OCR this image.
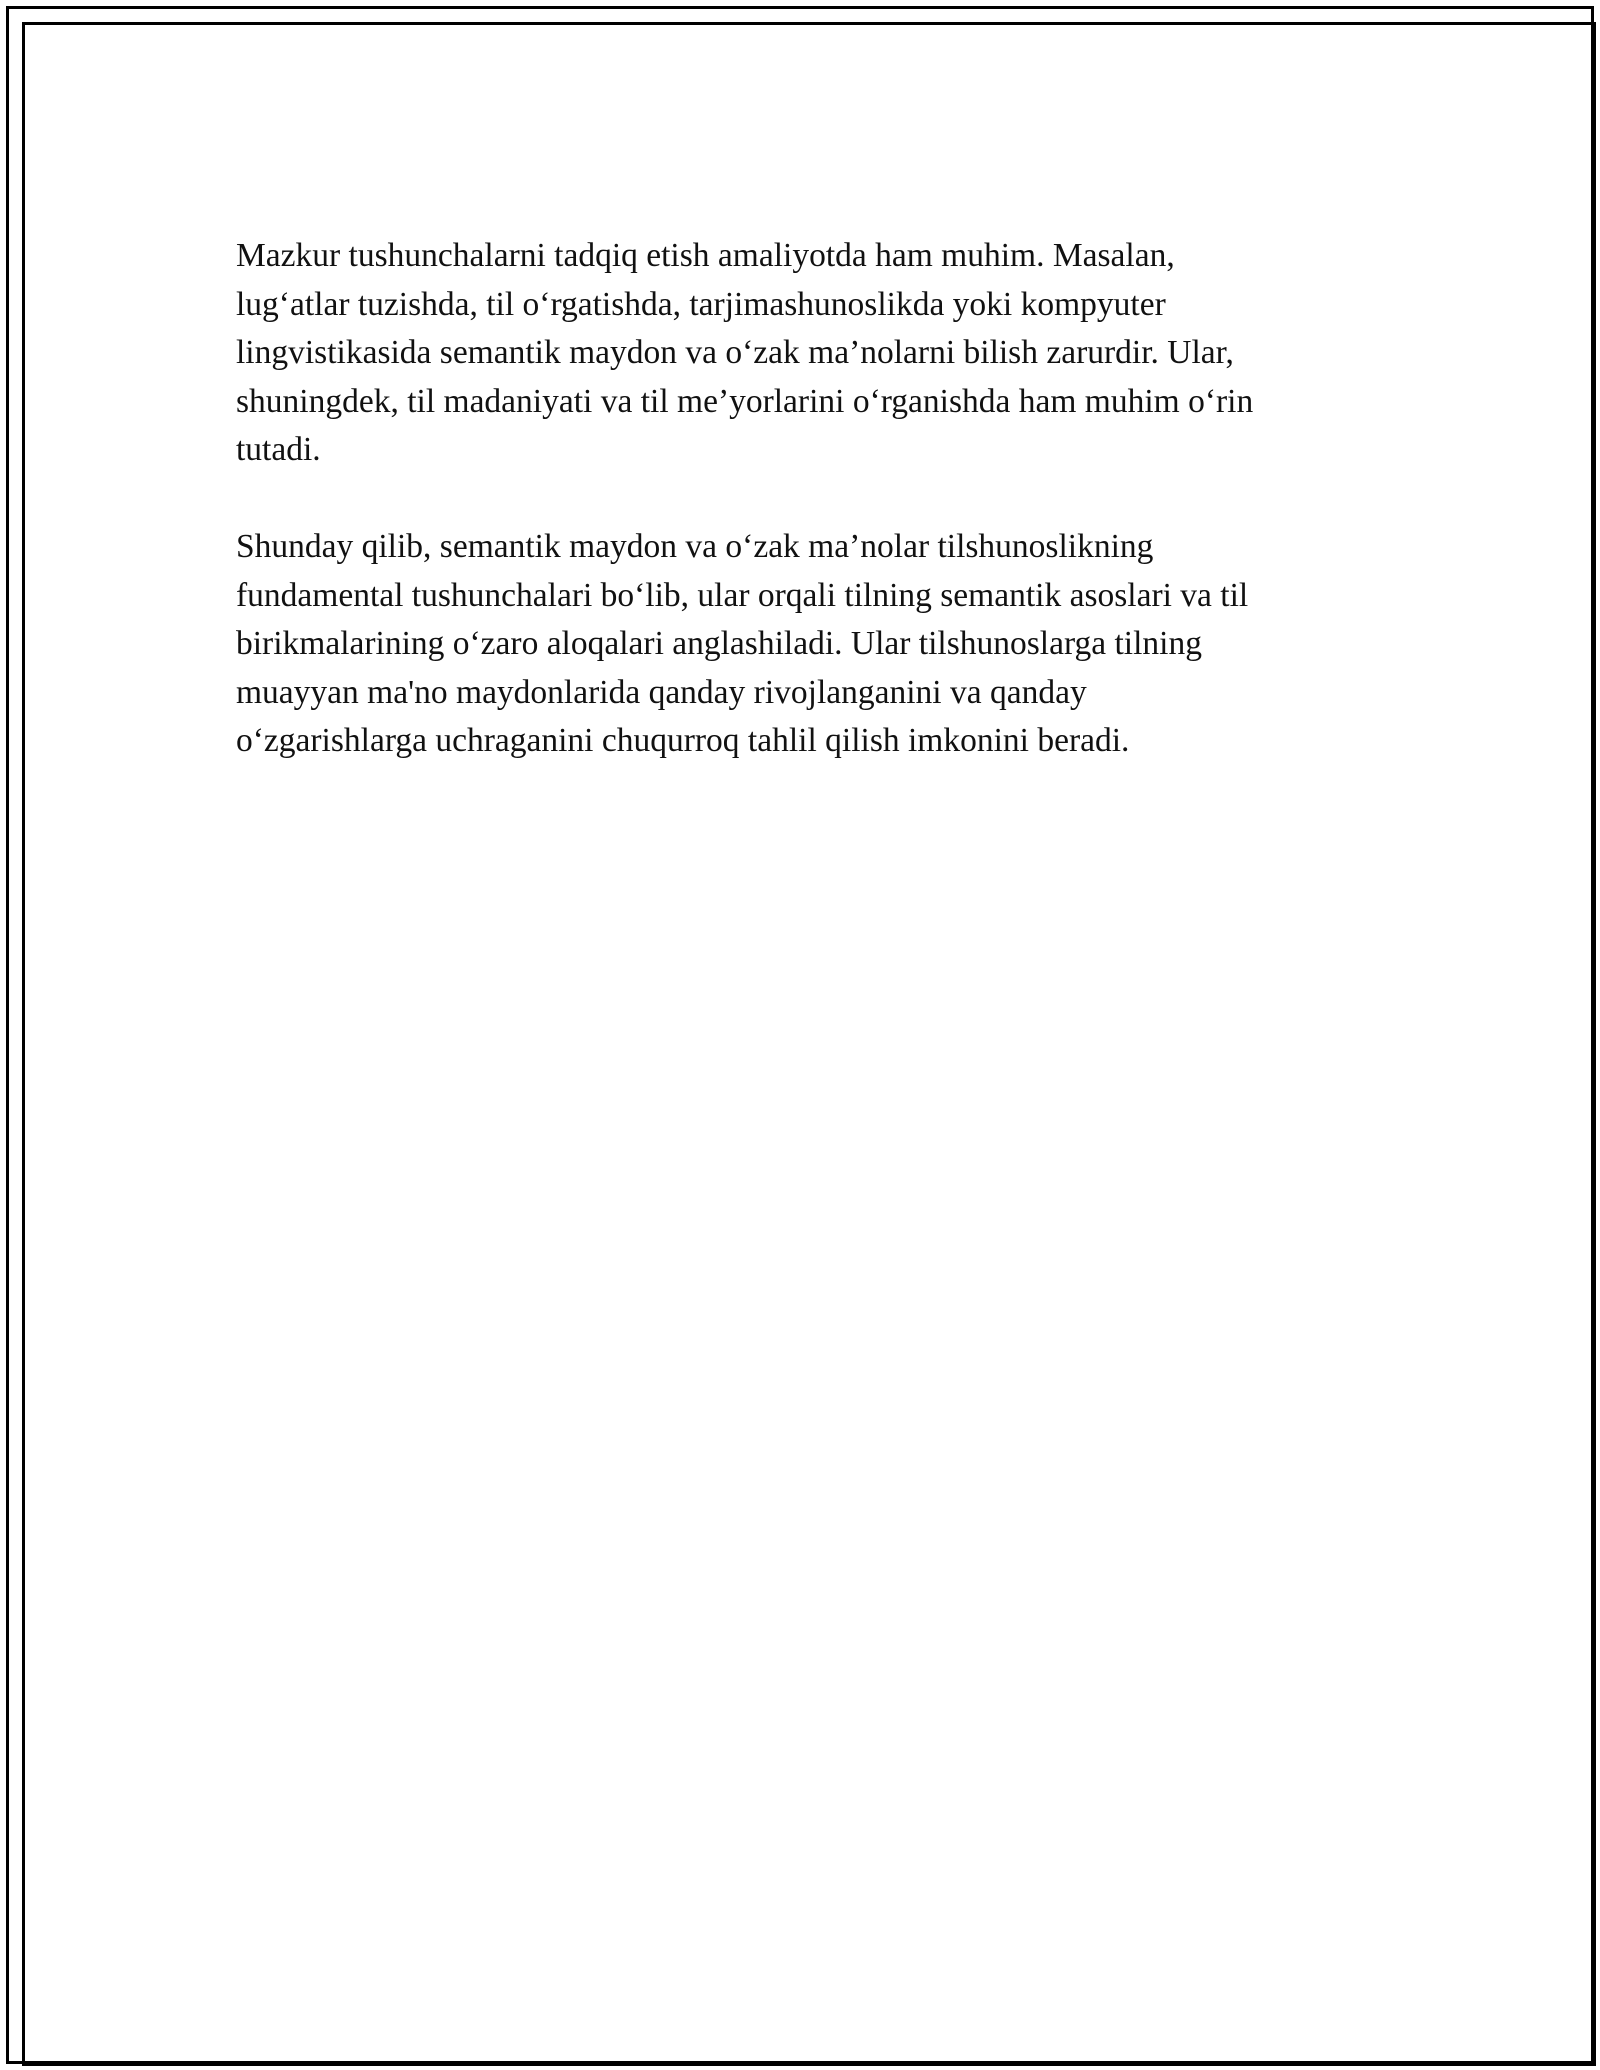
Mazkur tushunchalarni tadqiq etish amaliyotda ham muhim. Masalan,
lug‘atlar tuzishda, til o‘rgatishda, tarjimashunoslikda yoki kompyuter
lingvistikasida semantik maydon va o‘zak ma’nolarni bilish zarurdir. Ular,
shuningdek, til madaniyati va til me’yorlarini o‘rganishda ham muhim o‘rin
tutadi.

Shunday qilib, semantik maydon va o‘zak ma’nolar tilshunoslikning
fundamental tushunchalari bo‘lib, ular orqali tilning semantik asoslari va til
birikmalarining o‘zaro aloqalari anglashiladi. Ular tilshunoslarga tilning
muayyan ma'no maydonlarida qanday rivojlanganini va qanday
o‘zgarishlarga uchraganini chuqurroq tahlil qilish imkonini beradi.
